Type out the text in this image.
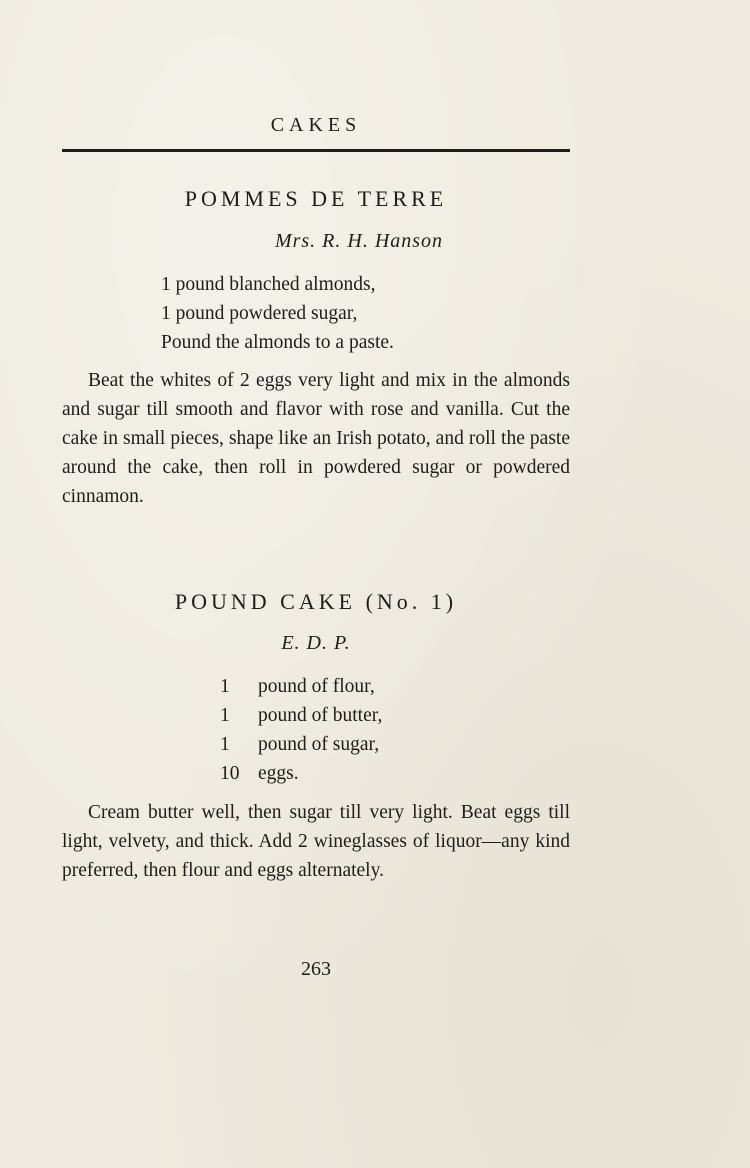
CAKES
POMMES DE TERRE
Mrs. R. H. Hanson
1 pound blanched almonds,
1 pound powdered sugar,
Pound the almonds to a paste.
Beat the whites of 2 eggs very light and mix in the almonds and sugar till smooth and flavor with rose and vanilla. Cut the cake in small pieces, shape like an Irish potato, and roll the paste around the cake, then roll in powdered sugar or powdered cinnamon.
POUND CAKE (No. 1)
E. D. P.
1 pound of flour,
1 pound of butter,
1 pound of sugar,
10 eggs.
Cream butter well, then sugar till very light. Beat eggs till light, velvety, and thick. Add 2 wineglasses of liquor—any kind preferred, then flour and eggs alternately.
263
